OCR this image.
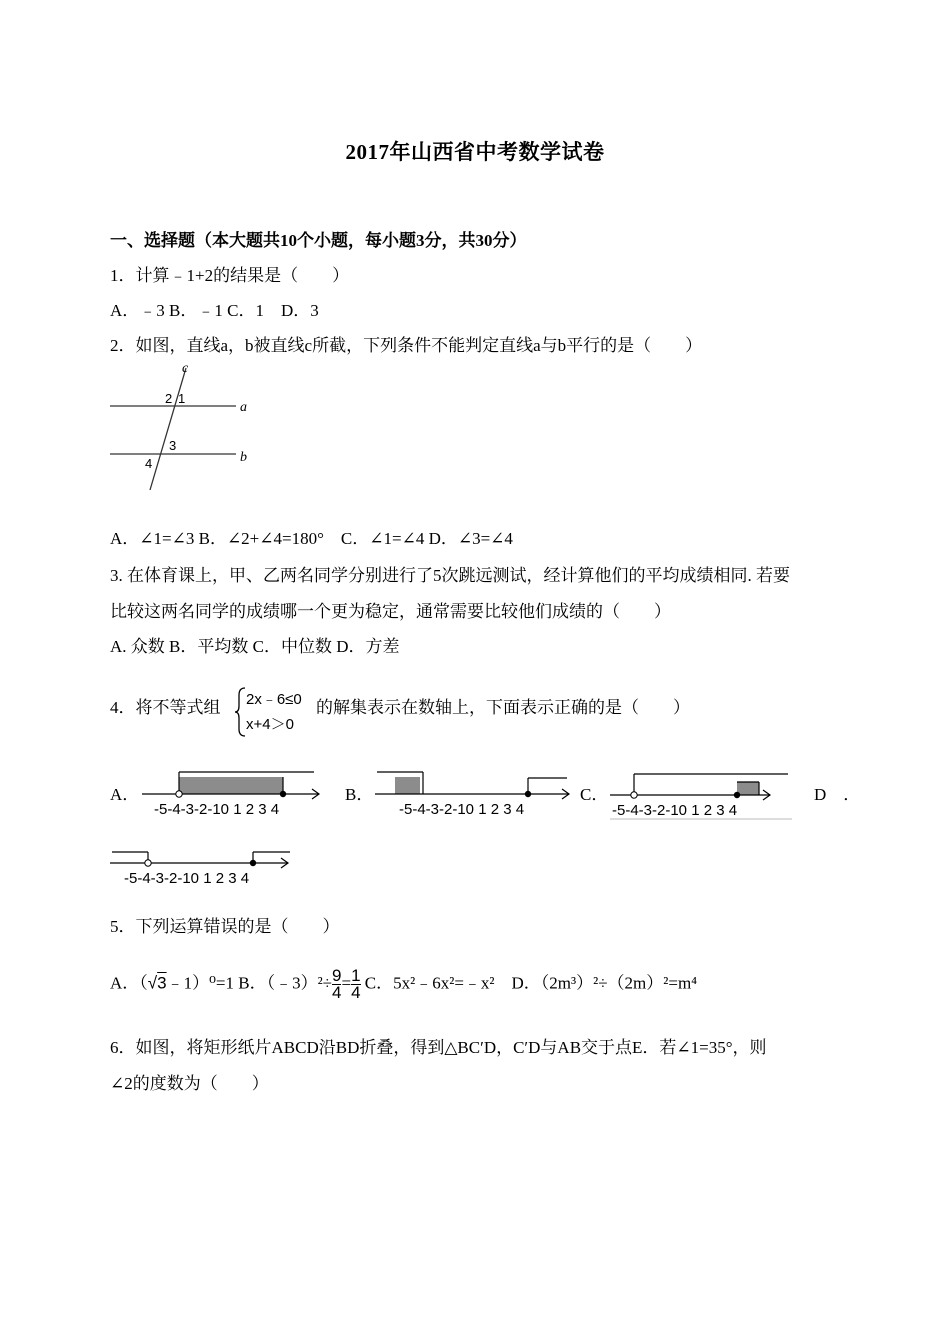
2017年山西省中考数学试卷
一、选择题（本大题共10个小题，每小题3分，共30分）
1．计算﹣1+2的结果是（　　）
A．﹣3 B．﹣1 C．1　D．3
2．如图，直线a，b被直线c所截，下列条件不能判定直线a与b平行的是（　　）
c
a
b
2 1
3
4
A．∠1=∠3 B．∠2+∠4=180°　C．∠1=∠4 D．∠3=∠4
3. 在体育课上，甲、乙两名同学分别进行了5次跳远测试，经计算他们的平均成绩相同. 若要
比较这两名同学的成绩哪一个更为稳定，通常需要比较他们成绩的（　　）
A. 众数 B．平均数 C．中位数 D．方差
4．将不等式组 2x﹣6≤0
x+4＞0
的解集表示在数轴上，下面表示正确的是（　　）
A．	B．	C．	D　．
-5-4-3-2-10 1 2 3 4	-5-4-3-2-10 1 2 3 4	-5-4-3-2-10 1 2 3 4
-5-4-3-2-10 1 2 3 4
5．下列运算错误的是（　　）
A．（√3﹣1）⁰=1 B．（﹣3）²÷ $\frac{9}{4} = \frac{1}{4}$ C．5x²﹣6x²=﹣x²　D．（2m³）²÷（2m）²=m⁴
6．如图，将矩形纸片ABCD沿BD折叠，得到△BC′D，C′D与AB交于点E．若∠1=35°，则
∠2的度数为（　　）
